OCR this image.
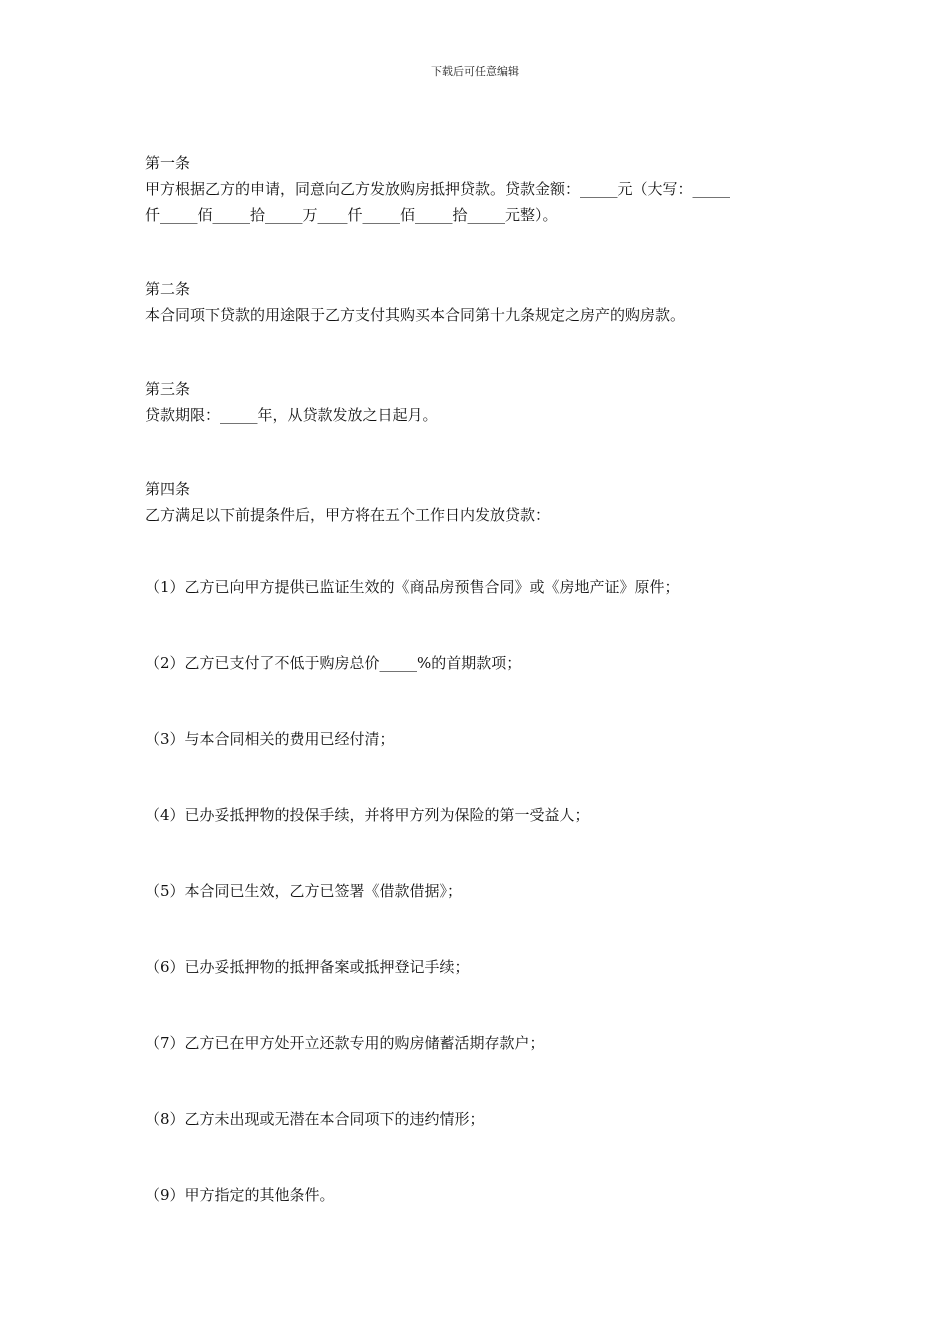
下载后可任意编辑
第一条
甲方根据乙方的申请，同意向乙方发放购房抵押贷款。贷款金额：_____元（大写：_____
仟_____佰_____拾_____万____仟_____佰_____拾_____元整）。
第二条
本合同项下贷款的用途限于乙方支付其购买本合同第十九条规定之房产的购房款。
第三条
贷款期限：_____年，从贷款发放之日起月。
第四条
乙方满足以下前提条件后，甲方将在五个工作日内发放贷款：
（1）乙方已向甲方提供已监证生效的《商品房预售合同》或《房地产证》原件；
（2）乙方已支付了不低于购房总价_____%的首期款项；
（3）与本合同相关的费用已经付清；
（4）已办妥抵押物的投保手续，并将甲方列为保险的第一受益人；
（5）本合同已生效，乙方已签署《借款借据》；
（6）已办妥抵押物的抵押备案或抵押登记手续；
（7）乙方已在甲方处开立还款专用的购房储蓄活期存款户；
（8）乙方未出现或无潜在本合同项下的违约情形；
（9）甲方指定的其他条件。
